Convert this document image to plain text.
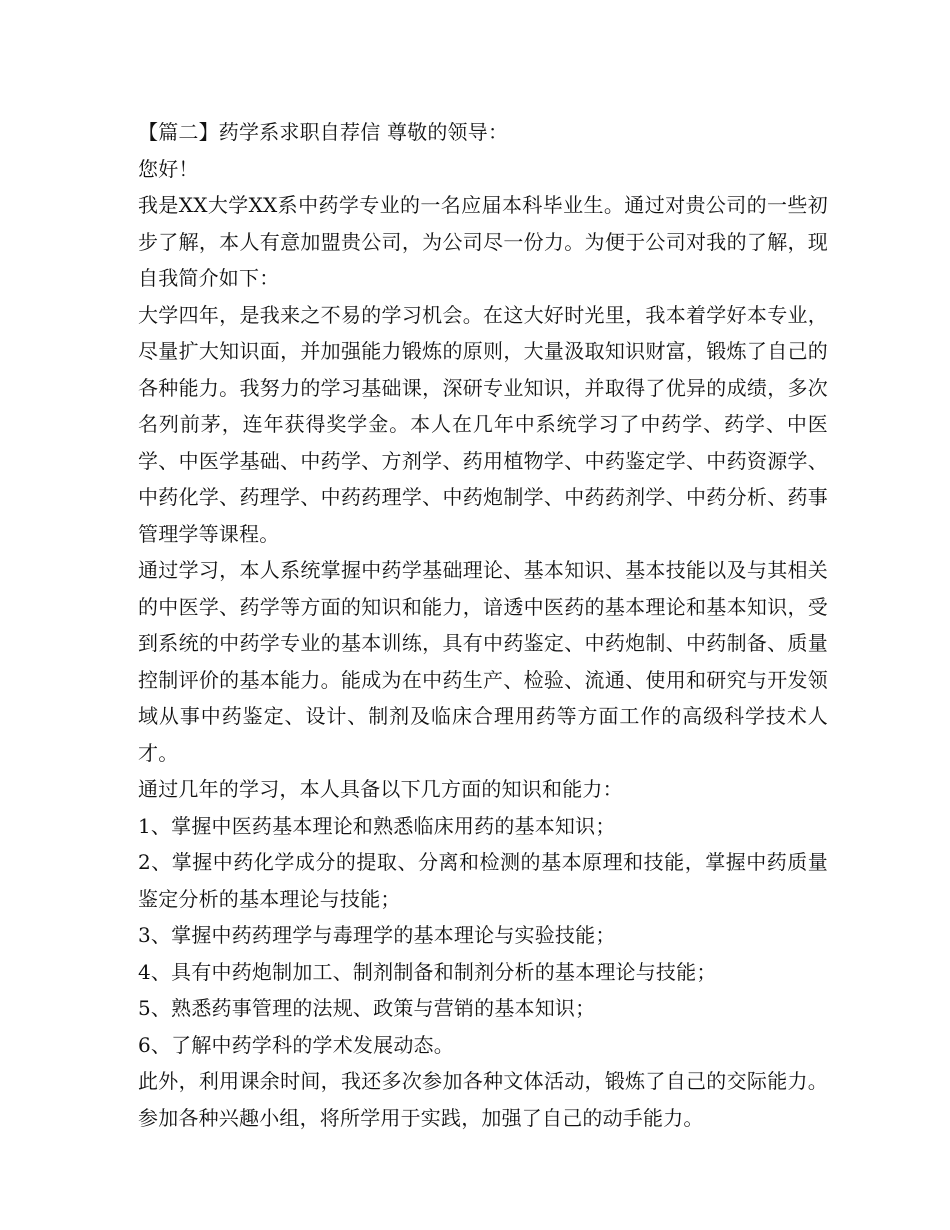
【篇二】药学系求职自荐信 尊敬的领导：

您好！

我是XX大学XX系中药学专业的一名应届本科毕业生。通过对贵公司的一些初步了解，本人有意加盟贵公司，为公司尽一份力。为便于公司对我的了解，现自我简介如下：

大学四年，是我来之不易的学习机会。在这大好时光里，我本着学好本专业，尽量扩大知识面，并加强能力锻炼的原则，大量汲取知识财富，锻炼了自己的各种能力。我努力的学习基础课，深研专业知识，并取得了优异的成绩，多次名列前茅，连年获得奖学金。本人在几年中系统学习了中药学、药学、中医学、中医学基础、中药学、方剂学、药用植物学、中药鉴定学、中药资源学、中药化学、药理学、中药药理学、中药炮制学、中药药剂学、中药分析、药事管理学等课程。

通过学习，本人系统掌握中药学基础理论、基本知识、基本技能以及与其相关的中医学、药学等方面的知识和能力，谙透中医药的基本理论和基本知识，受到系统的中药学专业的基本训练，具有中药鉴定、中药炮制、中药制备、质量控制评价的基本能力。能成为在中药生产、检验、流通、使用和研究与开发领域从事中药鉴定、设计、制剂及临床合理用药等方面工作的高级科学技术人才。

通过几年的学习，本人具备以下几方面的知识和能力：

1、掌握中医药基本理论和熟悉临床用药的基本知识；

2、掌握中药化学成分的提取、分离和检测的基本原理和技能，掌握中药质量鉴定分析的基本理论与技能；

3、掌握中药药理学与毒理学的基本理论与实验技能；

4、具有中药炮制加工、制剂制备和制剂分析的基本理论与技能；

5、熟悉药事管理的法规、政策与营销的基本知识；

6、了解中药学科的学术发展动态。

此外，利用课余时间，我还多次参加各种文体活动，锻炼了自己的交际能力。参加各种兴趣小组，将所学用于实践，加强了自己的动手能力。
